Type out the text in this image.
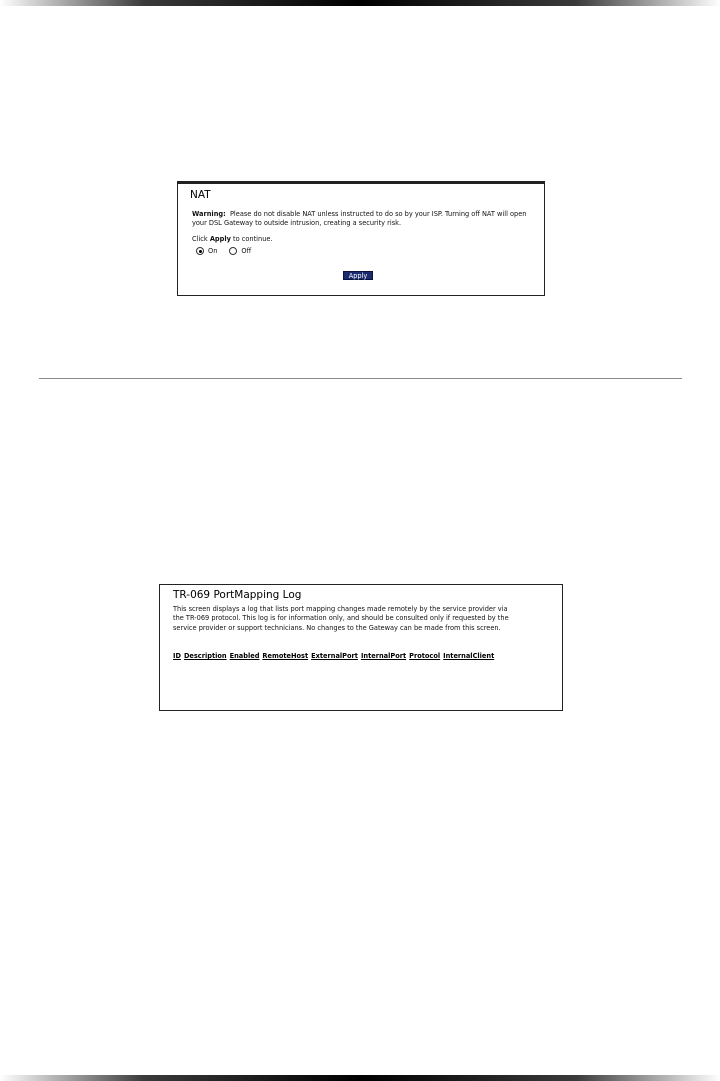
NAT
Warning: Please do not disable NAT unless instructed to do so by your ISP. Turning off NAT will open your DSL Gateway to outside intrusion, creating a security risk.
Click Apply to continue.
On	Off
Apply
TR-069 PortMapping Log
This screen displays a log that lists port mapping changes made remotely by the service provider via the TR-069 protocol. This log is for information only, and should be consulted only if requested by the service provider or support technicians. No changes to the Gateway can be made from this screen.
ID Description Enabled RemoteHost ExternalPort InternalPort Protocol InternalClient
